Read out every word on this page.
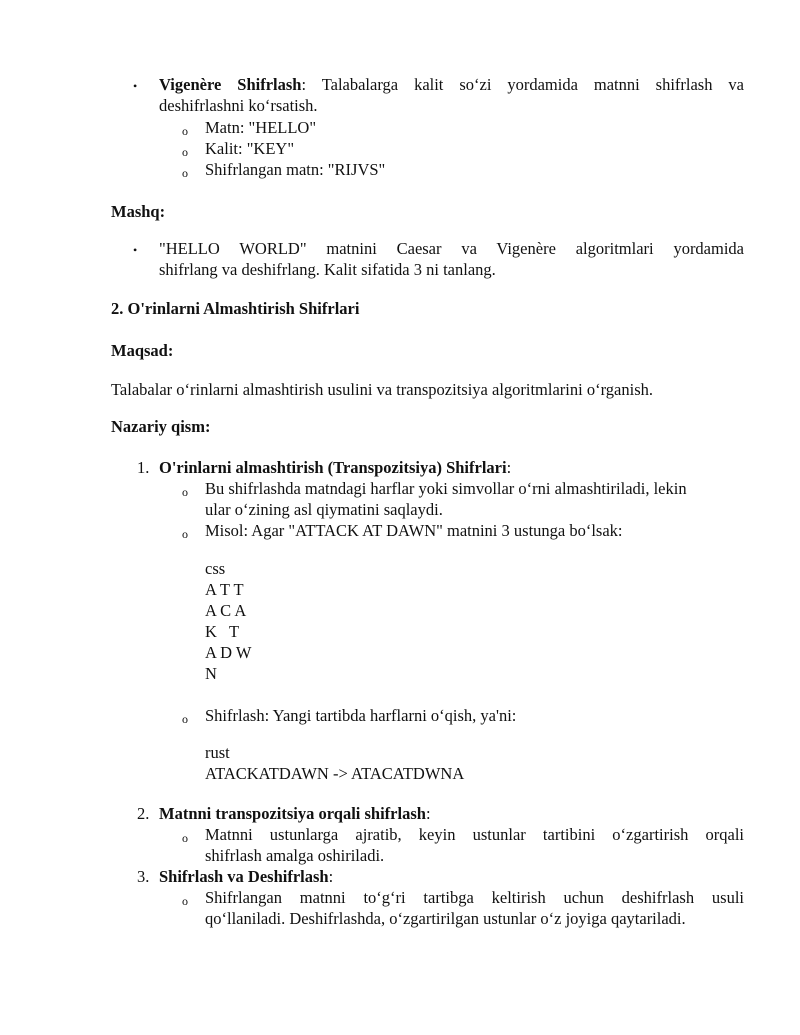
• Vigenère Shifrlash: Talabalarga kalit so‘zi yordamida matnni shifrlash va
deshifrlashni ko‘rsatish.
o Matn: "HELLO"
o Kalit: "KEY"
o Shifrlangan matn: "RIJVS"
Mashq:
• "HELLO WORLD" matnini Caesar va Vigenère algoritmlari yordamida
shifrlang va deshifrlang. Kalit sifatida 3 ni tanlang.
2. O'rinlarni Almashtirish Shifrlari
Maqsad:
Talabalar o‘rinlarni almashtirish usulini va transpozitsiya algoritmlarini o‘rganish.
Nazariy qism:
1. O'rinlarni almashtirish (Transpozitsiya) Shifrlari:
o Bu shifrlashda matndagi harflar yoki simvollar o‘rni almashtiriladi, lekin
ular o‘zining asl qiymatini saqlaydi.
o Misol: Agar "ATTACK AT DAWN" matnini 3 ustunga bo‘lsak:
css
A T T
A C A
K   T
A D W
N
o Shifrlash: Yangi tartibda harflarni o‘qish, ya'ni:
rust
ATACKATDAWN -> ATACATDWNA
2. Matnni transpozitsiya orqali shifrlash:
o Matnni ustunlarga ajratib, keyin ustunlar tartibini o‘zgartirish orqali
shifrlash amalga oshiriladi.
3. Shifrlash va Deshifrlash:
o Shifrlangan matnni to‘g‘ri tartibga keltirish uchun deshifrlash usuli
qo‘llaniladi. Deshifrlashda, o‘zgartirilgan ustunlar o‘z joyiga qaytariladi.
